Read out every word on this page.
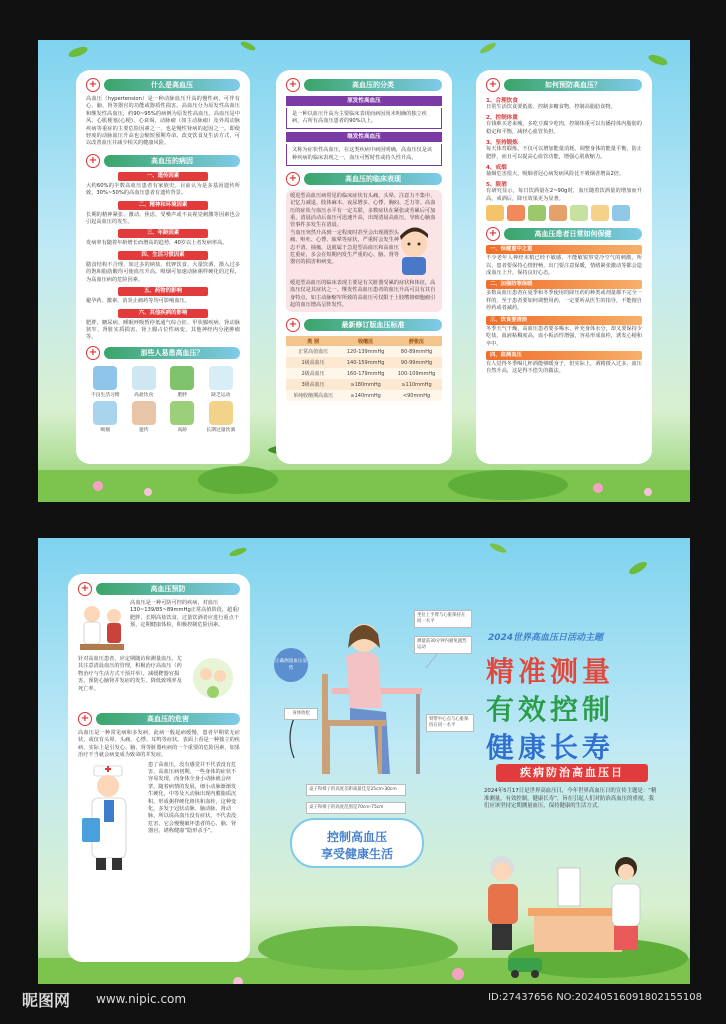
+	什么是高血压

高血压（hypertension）是一种动脉血压升高的慢性病，可伴有心、脑、肾等器官的功能或器质性损害。高血压分为原发性高血压和继发性高血压，约90~95%的病例为原发性高血压。高血压是中风、心肌梗塞(心梗)、心衰竭、动脉瘤（如主动脉瘤）及外周动脉疾病等重症的主要危险因素之一，也是慢性肾病的起因之一。即使轻度的动脉血压升高也会缩短预期寿命。改变饮食及生活方式，可以改善血压并减少相关的健康风险。

+	高血压的病因
一、遗传因素

大约60%的半数高血压患者有家族史。目前认为是多基因遗传所致，30%~50%的高血压患者有遗传背景。

二、精神和环境因素

长期的精神紧张、激动、焦虑，受噪声或不良视觉刺激等因素也会引起高血压的发生。

三、年龄因素

发病率有随着年龄增长而增高的趋势，40岁以上者发病率高。

四、生活习惯因素

膳食结构不合理，如过多的钠盐、低钾饮食、大量饮酒、摄入过多的饱和脂肪酸均可使血压升高。吸烟可加速动脉粥样硬化的过程，为高血压病的危险因素。

五、药物的影响

避孕药、激素、消炎止痛药等均可影响血压。

六、其他疾病的影响

肥胖、糖尿病、睡眠呼吸暂停低通气综合征、甲状腺疾病、肾动脉狭窄、肾脏实质损害、肾上腺占位性病变、其他神经内分泌肿瘤等。

+	那些人易患高血压？
不良生活习惯	高盐饮食	肥胖	缺乏运动
吸烟	遗传	高龄	长期过量饮酒
+	高血压的分类
原发性高血压

是一种以血压升高为主要临床表现而病因尚未明确的独立疾病，占所有高血压患者的90%以上。

继发性高血压

又称为症状性高血压，在这类疾病中病因明确，高血压仅是该种疾病的临床表现之一，血压可暂时性或持久性升高。

+	高血压的临床表现

缓进型高血压病常见的临床症状有头痛、头晕、注意力不集中、记忆力减退、肢体麻木、夜尿增多、心悸、胸闷、乏力等。高血压的症状与血压水平有一定关联，多数症状在紧张或劳累后可加重，清晨活动后血压可迅速升高，出现清晨高血压，导致心脑血管事件多发生在清晨。

当血压突然升高到一定程度时甚至会出现剧烈头痛、呕吐、心悸、眩晕等症状，严重时会发生神志不清、抽搐，这就属于急进型高血压和高血压危重症，多会在短期内发生严重的心、脑、肾等器官的损害和病变。

缓进型高血压的临床表现主要是有关脏器受累的症状和体征，高血压仅是其症状之一。继发性高血压患者的血压升高可具有其自身特点，如主动脉缩窄所致的高血压可仅限于上肢嗜铬细胞瘤引起的血压增高呈阵发性。

+	最新修订版血压标准
类 别	收缩压	舒张压
正常高值血压	120-139mmHg	80-89mmHg
1级高血压	140-159mmHg	90-99mmHg
2级高血压	160-179mmHg	100-109mmHg
3级高血压	≥180mmHg	≥110mmHg
单纯收缩期高血压	≥140mmHg	<90mmHg
+	如何预防高血压？

1、合理饮食

日常生活饮食要低盐、控制多糖食物，控制高脂肪食物。

2、控制体重

有钱难买老来瘦，多吃豆腐少吃肉，控制体重可以有播持体内脂肪的稳定和平衡，减轻心血管负担。

3、坚持锻炼

每天体育锻炼，不仅可以增加能量消耗，调整身体的能量平衡，防止肥胖，而且可以提高心血管功能，增强心肌收缩力。

4、戒烟

抽烟危害很大，吸烟者冠心病发病风险比不吸烟者增高2倍。

5、限酒

有研究显示，每日饮酒量在2~90g时，血压随着饮酒量的增加而升高，戒酒后，降压效果更为显著。

+	高血压患者日常如何保健
一、保健重中之重

不少老年人神经末梢已经不敏感，不能敏锐察觉冷空气的刺激，所以，患者要保持心情舒畅，出门要注意保暖，情绪紧张激动等都会造成血压上升，保持良好心态。

二、加强防寒保暖

多数高血压患者在夏季和冬季使用的降压药的种类或剂量都不完全一样的，至于患者要如何调整用药，一定要听从医生的指导，不能擅自停药或者减药。

三、饮食要清淡

冬季天气干燥，高血压患者要多喝水，补充身体水分，却又要保持少吃盐，血液粘稠度高，血小板活性增强，容易形成血栓，诱发心梗和卒中。

四、监测血压

有人觉得冬季喝几杯酒能够暖身子，但实际上，酒精摄入过多，血压自然升高，这是得不偿失的做法。

+	高血压预防

高血压是一种可防可控的疾病，对血压130~139/85~89mmHg正常高值阶段，超重/肥胖，长期高盐饮食，过量饮酒者应进行重点干预，定期健康体检，积极控制危险因素。

针对高血压患者，应定期随访和测量血压，尤其注意清晨血压的管理，积极治疗高血压（药物治疗与生活方式干预并举），减缓靶器官损害，预防心脑肾并发症的发生，降低致残率及死亡率。

+	高血压的危害

高血压是一种常见病和多发病，此病一般起病缓慢，患者早期常无症状，或仅有头晕、头痛、心悸、耳鸣等症状。表面上看是一种独立的疾病，实际上是引发心、脑、肾等脏器疾病的一个重要的危险因素，如果治疗不当就会病变成为致命的并发症。

患了高血压，没有感觉并不代表没有危害，高血压病初期，一些身体的症状不容易发现，而身体全身小动脉就会痉挛，随着病情的发展，细小动脉渐渐发生硬化，中等及大动脉出现内膜脂质沉积，形成粥样硬化斑块和血栓，这种变化，多发于冠状动脉、脑动脉、肾动脉，所以说高血压没有症状，不代表没危害，它会慢慢破坏患者的心、脑、肾器官，堪称健康“隐形杀手”。

正确测量血压姿势
坐位上手臂与心脏保持在同一水平
测量前30分钟内避免剧烈运动
身体放松
臂带中心点与心脏保持在同一水平
桌子和椅子的高度差距离最佳是25cm-30cm
桌子和椅子的高度范围是70cm-75cm

控制高血压

享受健康生活

2024世界高血压日活动主题

精准测量

有效控制

健康长寿

疾病防治高血压日

2024年5月17日是世界高血压日，今年世界高血压日的宣传主题是：“精准测量，有效控制，健康长寿”，旨在引起人们对防治高血压的重视，我们应该坚持定期测量血压，保持健康的生活方式。

昵图网 www.nipic.com	ID:27437656 NO:20240516091802155108
